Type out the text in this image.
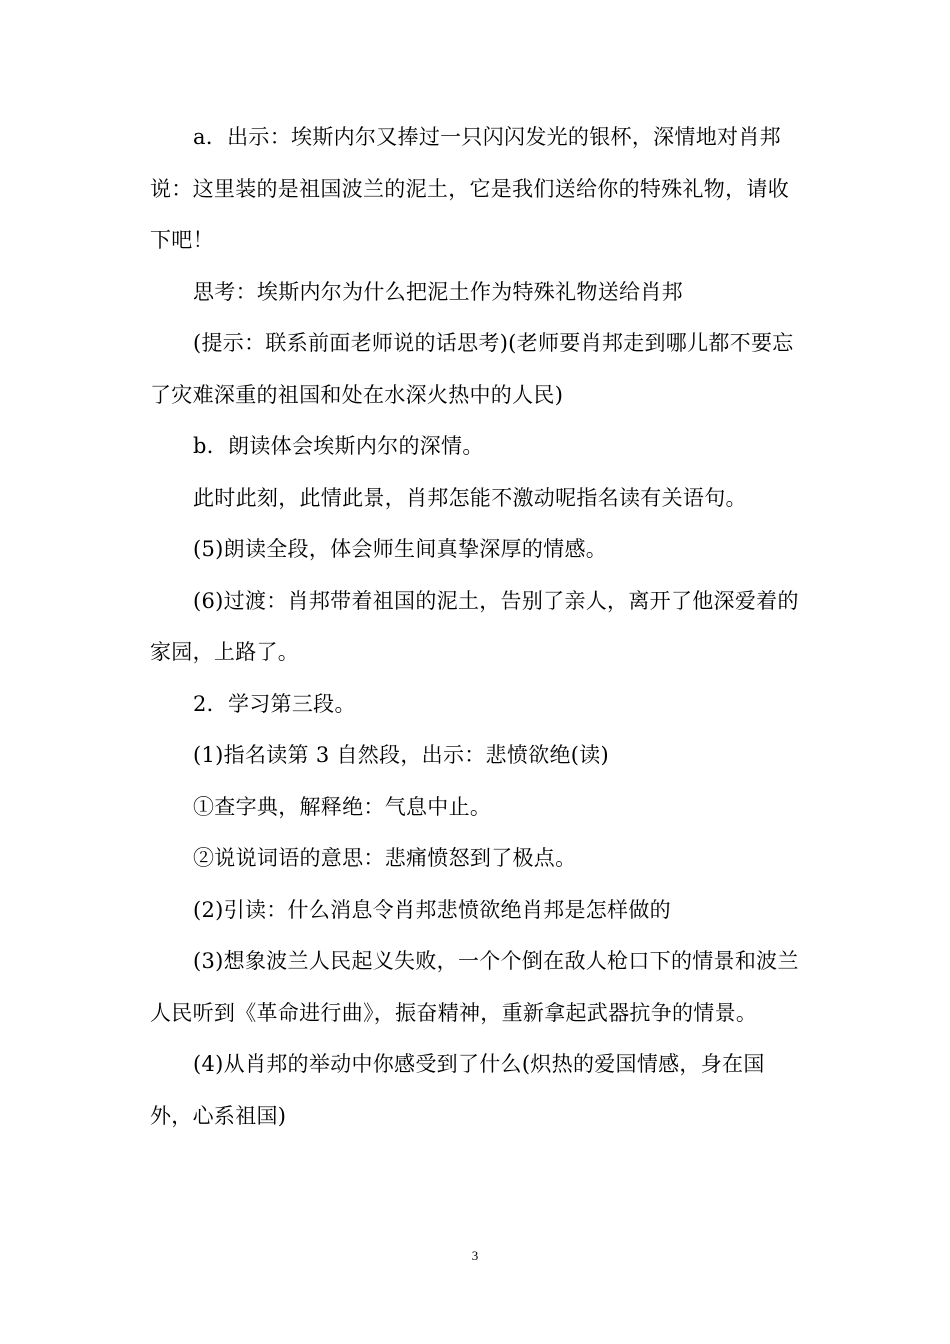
a．出示：埃斯内尔又捧过一只闪闪发光的银杯，深情地对肖邦说：这里装的是祖国波兰的泥土，它是我们送给你的特殊礼物，请收下吧！

思考：埃斯内尔为什么把泥土作为特殊礼物送给肖邦

(提示：联系前面老师说的话思考)(老师要肖邦走到哪儿都不要忘了灾难深重的祖国和处在水深火热中的人民)

b．朗读体会埃斯内尔的深情。

此时此刻，此情此景，肖邦怎能不激动呢指名读有关语句。

(5)朗读全段，体会师生间真挚深厚的情感。

(6)过渡：肖邦带着祖国的泥土，告别了亲人，离开了他深爱着的家园，上路了。

2．学习第三段。

(1)指名读第 3 自然段，出示：悲愤欲绝(读)

①查字典，解释绝：气息中止。

②说说词语的意思：悲痛愤怒到了极点。

(2)引读：什么消息令肖邦悲愤欲绝肖邦是怎样做的

(3)想象波兰人民起义失败，一个个倒在敌人枪口下的情景和波兰人民听到《革命进行曲》，振奋精神，重新拿起武器抗争的情景。

(4)从肖邦的举动中你感受到了什么(炽热的爱国情感，身在国外，心系祖国)

3
